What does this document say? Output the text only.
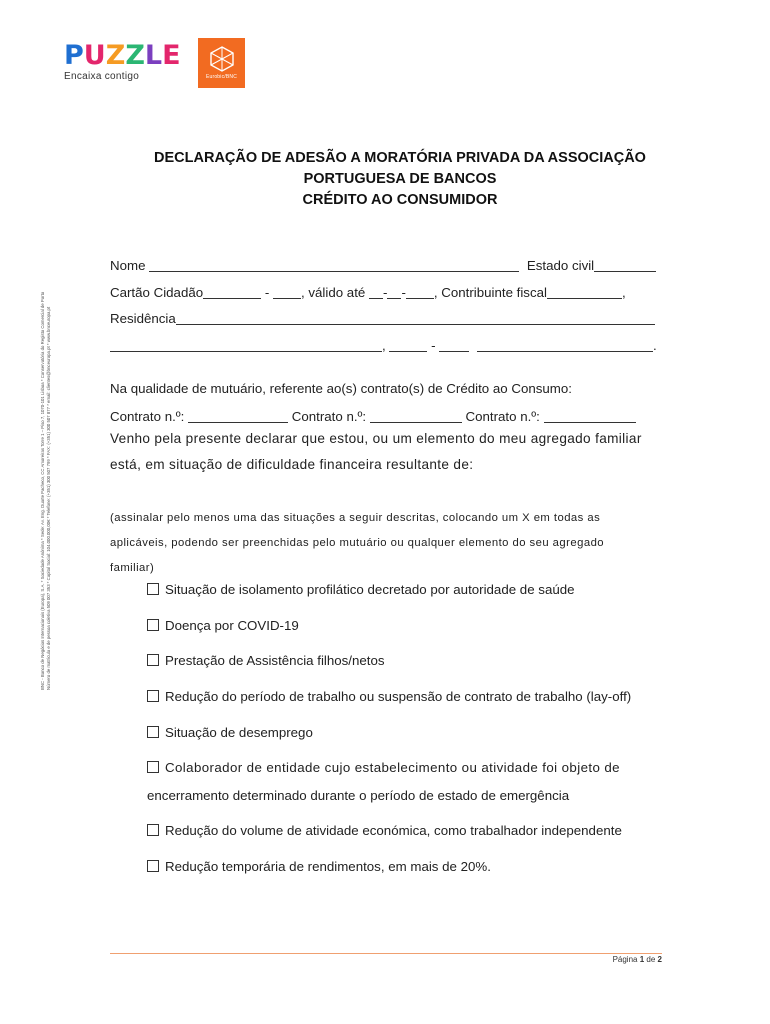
P U Z Z L E
Encaixa contigo	Eurobic/BNC
BNC - Banco de Negócios Internacionais (Europa), S.A. * Sociedade Anónima * Sede: Av. Eng. Duarte Pacheco, CC Amoreiras Torre 1 – Piso 7, 1070-101 Lisboa * Conservatória do Registo Comercial de Porto Número de matrícula e de pessoa coletiva 509 007 353 * Capital Social: 104.000.000,00€ * Telefone: (+351) 300 507 799 * FAX: (+351) 300 507 877 * email: clientes@bnceuropa.pt * www.bnceuropa.pt
DECLARAÇÃO DE ADESÃO A MORATÓRIA PRIVADA DA ASSOCIAÇÃO
PORTUGUESA DE BANCOS
CRÉDITO AO CONSUMIDOR
Nome	Estado civil
Cartão Cidadão	- , válido até - - , Contribuinte fiscal	,
Residência
,	-	.
Na qualidade de mutuário, referente ao(s) contrato(s) de Crédito ao Consumo:
Contrato n.º:	Contrato n.º:	Contrato n.º:
Venho pela presente declarar que estou, ou um elemento do meu agregado familiar
está, em situação de dificuldade financeira resultante de:
(assinalar pelo menos uma das situações a seguir descritas, colocando um X em todas as
aplicáveis, podendo ser preenchidas pelo mutuário ou qualquer elemento do seu agregado
familiar)
Situação de isolamento profilático decretado por autoridade de saúde
Doença por COVID-19
Prestação de Assistência filhos/netos
Redução do período de trabalho ou suspensão de contrato de trabalho (lay-off)
Situação de desemprego
Colaborador de entidade cujo estabelecimento ou atividade foi objeto de
encerramento determinado durante o período de estado de emergência
Redução do volume de atividade económica, como trabalhador independente
Redução temporária de rendimentos, em mais de 20%.
Página 1 de 2
